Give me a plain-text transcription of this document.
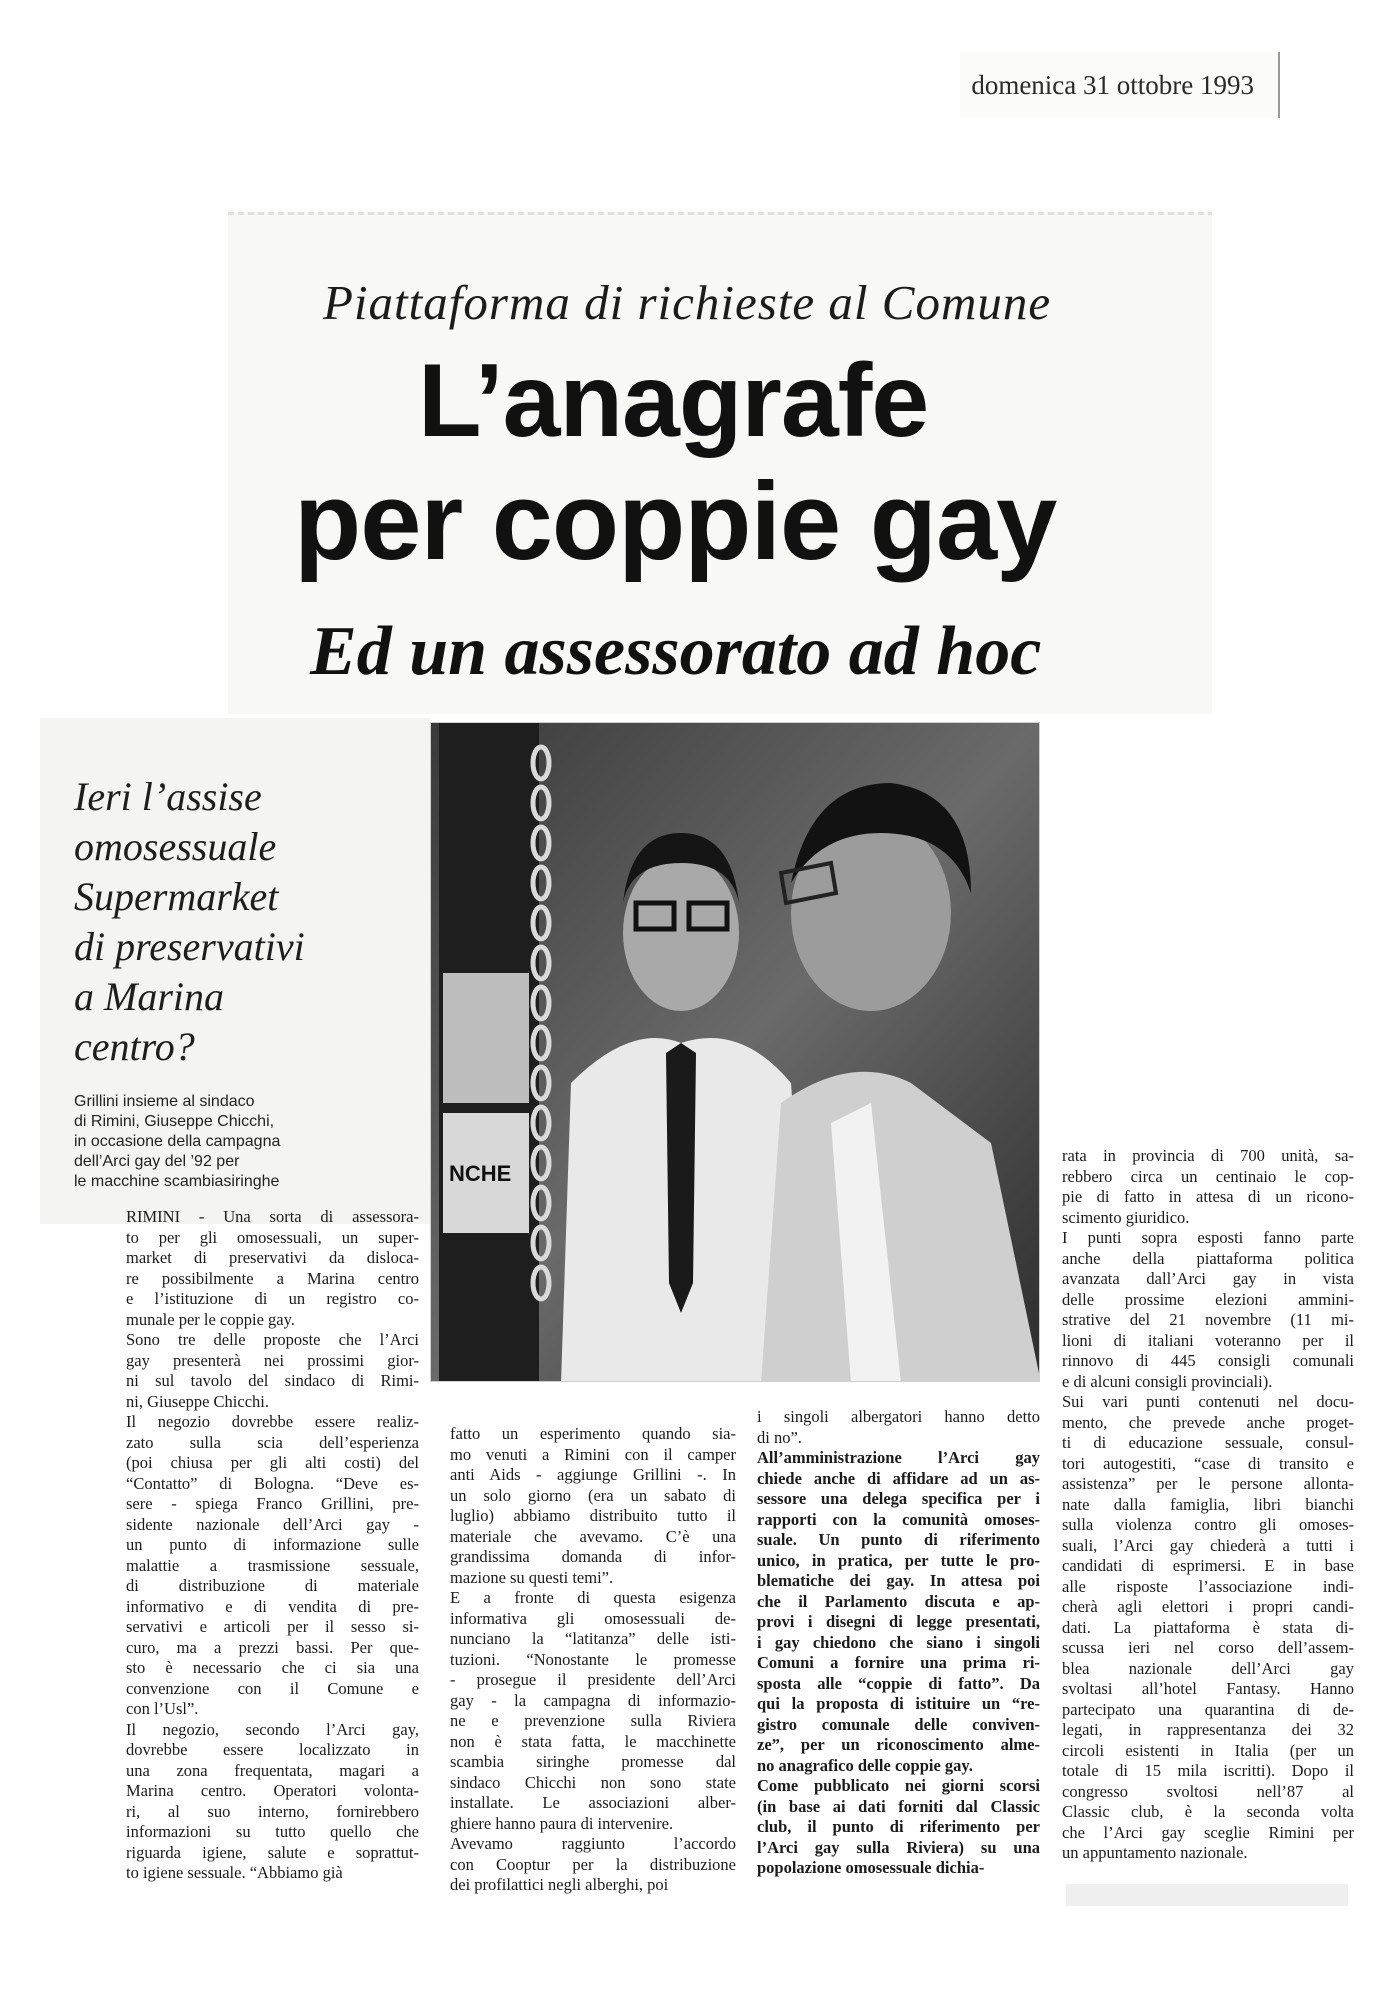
domenica 31 ottobre 1993
Piattaforma di richieste al Comune
L’anagrafe
per coppie gay
Ed un assessorato ad hoc
Ieri l’assise
omosessuale
Supermarket
di preservativi
a Marina
centro?
Grillini insieme al sindaco
di Rimini, Giuseppe Chicchi,
in occasione della campagna
dell’Arci gay del ’92 per
le macchine scambiasiringhe	NCHE
RIMINI - Una sorta di assessora-
to per gli omosessuali, un super-
market di preservativi da disloca-
re possibilmente a Marina centro
e l’istituzione di un registro co-
munale per le coppie gay.
Sono tre delle proposte che l’Arci
gay presenterà nei prossimi gior-
ni sul tavolo del sindaco di Rimi-
ni, Giuseppe Chicchi.
Il negozio dovrebbe essere realiz-
zato sulla scia dell’esperienza
(poi chiusa per gli alti costi) del
“Contatto” di Bologna. “Deve es-
sere - spiega Franco Grillini, pre-
sidente nazionale dell’Arci gay -
un punto di informazione sulle
malattie a trasmissione sessuale,
di distribuzione di materiale
informativo e di vendita di pre-
servativi e articoli per il sesso si-
curo, ma a prezzi bassi. Per que-
sto è necessario che ci sia una
convenzione con il Comune e
con l’Usl”.
Il negozio, secondo l’Arci gay,
dovrebbe essere localizzato in
una zona frequentata, magari a
Marina centro. Operatori volonta-
ri, al suo interno, fornirebbero
informazioni su tutto quello che
riguarda igiene, salute e soprattut-
to igiene sessuale. “Abbiamo già
fatto un esperimento quando sia-
mo venuti a Rimini con il camper
anti Aids - aggiunge Grillini -. In
un solo giorno (era un sabato di
luglio) abbiamo distribuito tutto il
materiale che avevamo. C’è una
grandissima domanda di infor-
mazione su questi temi”.
E a fronte di questa esigenza
informativa gli omosessuali de-
nunciano la “latitanza” delle isti-
tuzioni. “Nonostante le promesse
- prosegue il presidente dell’Arci
gay - la campagna di informazio-
ne e prevenzione sulla Riviera
non è stata fatta, le macchinette
scambia siringhe promesse dal
sindaco Chicchi non sono state
installate. Le associazioni alber-
ghiere hanno paura di intervenire.
Avevamo raggiunto l’accordo
con Cooptur per la distribuzione
dei profilattici negli alberghi, poi
i singoli albergatori hanno detto
di no”.
All’amministrazione l’Arci gay
chiede anche di affidare ad un as-
sessore una delega specifica per i
rapporti con la comunità omoses-
suale. Un punto di riferimento
unico, in pratica, per tutte le pro-
blematiche dei gay. In attesa poi
che il Parlamento discuta e ap-
provi i disegni di legge presentati,
i gay chiedono che siano i singoli
Comuni a fornire una prima ri-
sposta alle “coppie di fatto”. Da
qui la proposta di istituire un “re-
gistro comunale delle conviven-
ze”, per un riconoscimento alme-
no anagrafico delle coppie gay.
Come pubblicato nei giorni scorsi
(in base ai dati forniti dal Classic
club, il punto di riferimento per
l’Arci gay sulla Riviera) su una
popolazione omosessuale dichia-
rata in provincia di 700 unità, sa-
rebbero circa un centinaio le cop-
pie di fatto in attesa di un ricono-
scimento giuridico.
I punti sopra esposti fanno parte
anche della piattaforma politica
avanzata dall’Arci gay in vista
delle prossime elezioni ammini-
strative del 21 novembre (11 mi-
lioni di italiani voteranno per il
rinnovo di 445 consigli comunali
e di alcuni consigli provinciali).
Sui vari punti contenuti nel docu-
mento, che prevede anche proget-
ti di educazione sessuale, consul-
tori autogestiti, “case di transito e
assistenza” per le persone allonta-
nate dalla famiglia, libri bianchi
sulla violenza contro gli omoses-
suali, l’Arci gay chiederà a tutti i
candidati di esprimersi. E in base
alle risposte l’associazione indi-
cherà agli elettori i propri candi-
dati. La piattaforma è stata di-
scussa ieri nel corso dell’assem-
blea nazionale dell’Arci gay
svoltasi all’hotel Fantasy. Hanno
partecipato una quarantina di de-
legati, in rappresentanza dei 32
circoli esistenti in Italia (per un
totale di 15 mila iscritti). Dopo il
congresso svoltosi nell’87 al
Classic club, è la seconda volta
che l’Arci gay sceglie Rimini per
un appuntamento nazionale.
